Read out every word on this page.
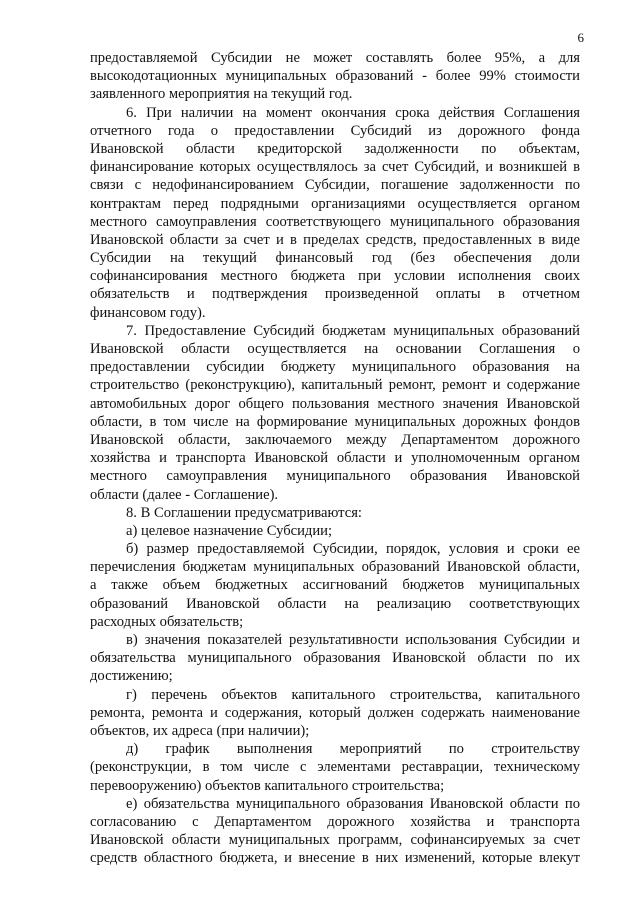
6
предоставляемой Субсидии не может составлять более 95%, а для
высокодотационных муниципальных образований - более 99% стоимости
заявленного мероприятия на текущий год.
6. При наличии на момент окончания срока действия Соглашения
отчетного года о предоставлении Субсидий из дорожного фонда
Ивановской области кредиторской задолженности по объектам,
финансирование которых осуществлялось за счет Субсидий, и возникшей в
связи с недофинансированием Субсидии, погашение задолженности по
контрактам перед подрядными организациями осуществляется органом
местного самоуправления соответствующего муниципального образования
Ивановской области за счет и в пределах средств, предоставленных в виде
Субсидии на текущий финансовый год (без обеспечения доли
софинансирования местного бюджета при условии исполнения своих
обязательств и подтверждения произведенной оплаты в отчетном
финансовом году).
7. Предоставление Субсидий бюджетам муниципальных образований
Ивановской области осуществляется на основании Соглашения о
предоставлении субсидии бюджету муниципального образования на
строительство (реконструкцию), капитальный ремонт, ремонт и содержание
автомобильных дорог общего пользования местного значения Ивановской
области, в том числе на формирование муниципальных дорожных фондов
Ивановской области, заключаемого между Департаментом дорожного
хозяйства и транспорта Ивановской области и уполномоченным органом
местного самоуправления муниципального образования Ивановской
области (далее - Соглашение).
8. В Соглашении предусматриваются:
а) целевое назначение Субсидии;
б) размер предоставляемой Субсидии, порядок, условия и сроки ее
перечисления бюджетам муниципальных образований Ивановской области,
а также объем бюджетных ассигнований бюджетов муниципальных
образований Ивановской области на реализацию соответствующих
расходных обязательств;
в) значения показателей результативности использования Субсидии и
обязательства муниципального образования Ивановской области по их
достижению;
г) перечень объектов капитального строительства, капитального
ремонта, ремонта и содержания, который должен содержать наименование
объектов, их адреса (при наличии);
д) график выполнения мероприятий по строительству
(реконструкции, в том числе с элементами реставрации, техническому
перевооружению) объектов капитального строительства;
е) обязательства муниципального образования Ивановской области по
согласованию с Департаментом дорожного хозяйства и транспорта
Ивановской области муниципальных программ, софинансируемых за счет
средств областного бюджета, и внесение в них изменений, которые влекут
